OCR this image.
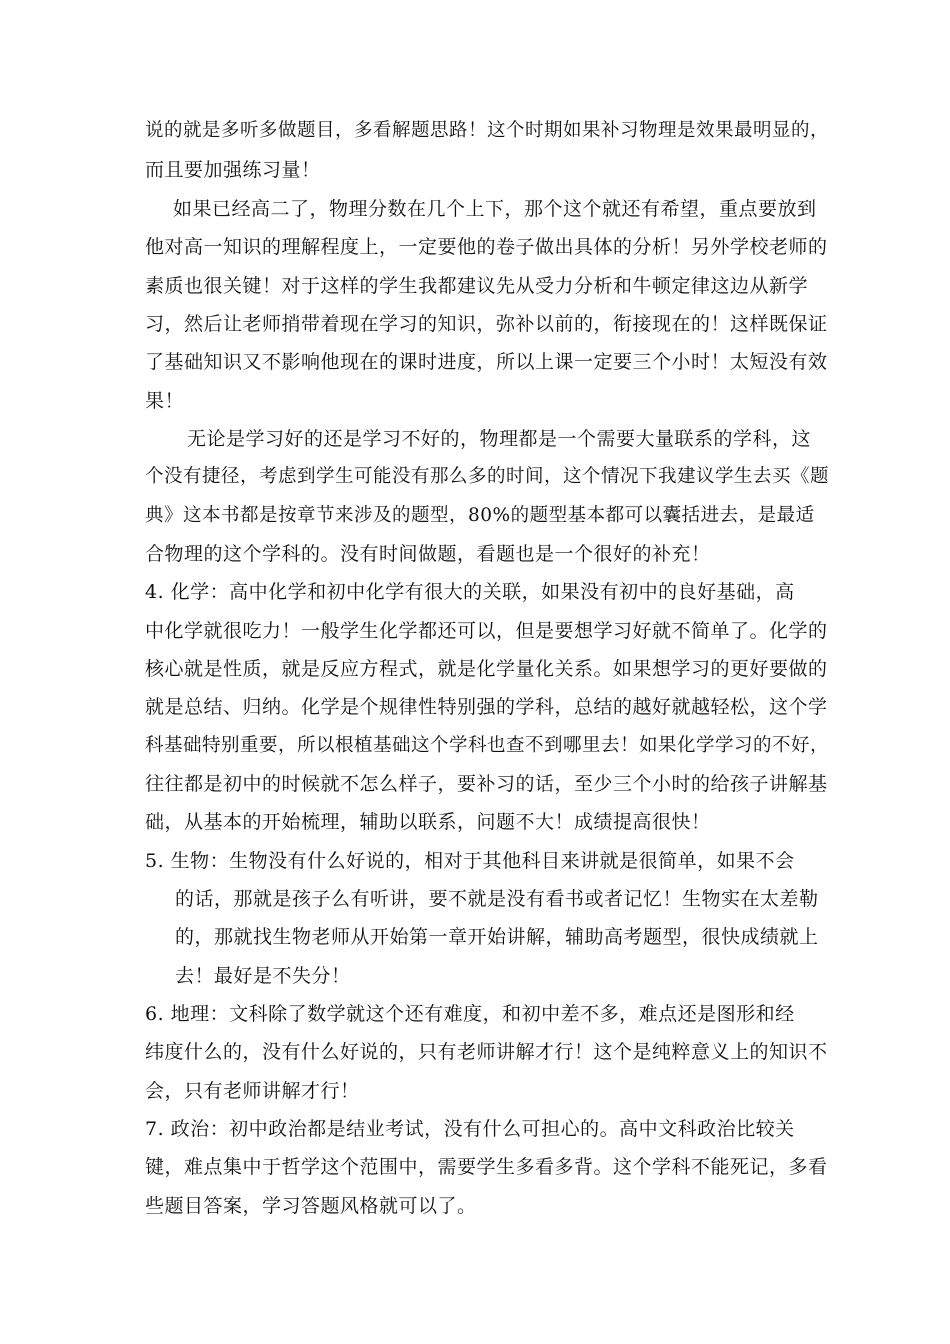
说的就是多听多做题目，多看解题思路！这个时期如果补习物理是效果最明显的，
而且要加强练习量！
如果已经高二了，物理分数在几个上下，那个这个就还有希望，重点要放到
他对高一知识的理解程度上，一定要他的卷子做出具体的分析！另外学校老师的
素质也很关键！对于这样的学生我都建议先从受力分析和牛顿定律这边从新学
习，然后让老师捎带着现在学习的知识，弥补以前的，衔接现在的！这样既保证
了基础知识又不影响他现在的课时进度，所以上课一定要三个小时！太短没有效
果！
无论是学习好的还是学习不好的，物理都是一个需要大量联系的学科，这
个没有捷径，考虑到学生可能没有那么多的时间，这个情况下我建议学生去买《题
典》这本书都是按章节来涉及的题型，80%的题型基本都可以囊括进去，是最适
合物理的这个学科的。没有时间做题，看题也是一个很好的补充！
4. 化学：高中化学和初中化学有很大的关联，如果没有初中的良好基础，高
中化学就很吃力！一般学生化学都还可以，但是要想学习好就不简单了。化学的
核心就是性质，就是反应方程式，就是化学量化关系。如果想学习的更好要做的
就是总结、归纳。化学是个规律性特别强的学科，总结的越好就越轻松，这个学
科基础特别重要，所以根植基础这个学科也查不到哪里去！如果化学学习的不好，
往往都是初中的时候就不怎么样子，要补习的话，至少三个小时的给孩子讲解基
础，从基本的开始梳理，辅助以联系，问题不大！成绩提高很快！
5. 生物：生物没有什么好说的，相对于其他科目来讲就是很简单，如果不会
的话，那就是孩子么有听讲，要不就是没有看书或者记忆！生物实在太差勒
的，那就找生物老师从开始第一章开始讲解，辅助高考题型，很快成绩就上
去！最好是不失分！
6. 地理：文科除了数学就这个还有难度，和初中差不多，难点还是图形和经
纬度什么的，没有什么好说的，只有老师讲解才行！这个是纯粹意义上的知识不
会，只有老师讲解才行！
7. 政治：初中政治都是结业考试，没有什么可担心的。高中文科政治比较关
键，难点集中于哲学这个范围中，需要学生多看多背。这个学科不能死记，多看
些题目答案，学习答题风格就可以了。
